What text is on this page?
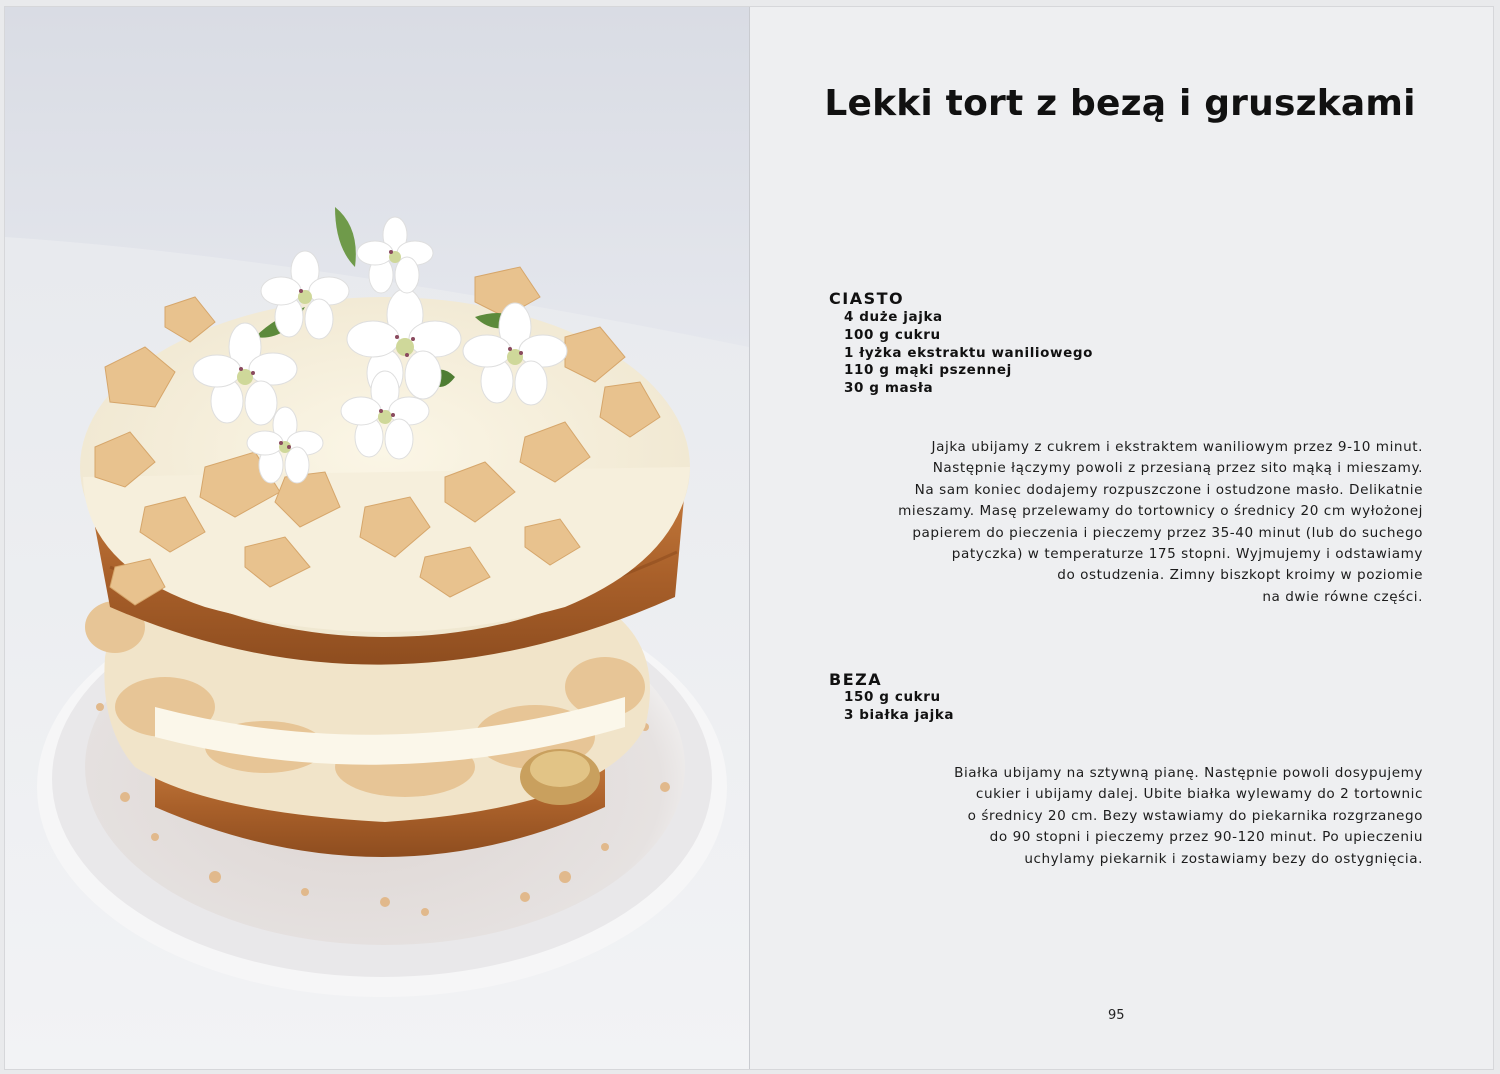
Lekki tort z bezą i gruszkami
CIASTO
4 duże jajka
100 g cukru
1 łyżka ekstraktu waniliowego
110 g mąki pszennej
30 g masła
Jajka ubijamy z cukrem i ekstraktem waniliowym przez 9-10 minut.
Następnie łączymy powoli z przesianą przez sito mąką i mieszamy.
Na sam koniec dodajemy rozpuszczone i ostudzone masło. Delikatnie
mieszamy. Masę przelewamy do tortownicy o średnicy 20 cm wyłożonej
papierem do pieczenia i pieczemy przez 35-40 minut (lub do suchego
patyczka) w temperaturze 175 stopni. Wyjmujemy i odstawiamy
do ostudzenia. Zimny biszkopt kroimy w poziomie
na dwie równe części.
BEZA
150 g cukru
3 białka jajka
Białka ubijamy na sztywną pianę. Następnie powoli dosypujemy
cukier i ubijamy dalej. Ubite białka wylewamy do 2 tortownic
o średnicy 20 cm. Bezy wstawiamy do piekarnika rozgrzanego
do 90 stopni i pieczemy przez 90-120 minut. Po upieczeniu
uchylamy piekarnik i zostawiamy bezy do ostygnięcia.
95
